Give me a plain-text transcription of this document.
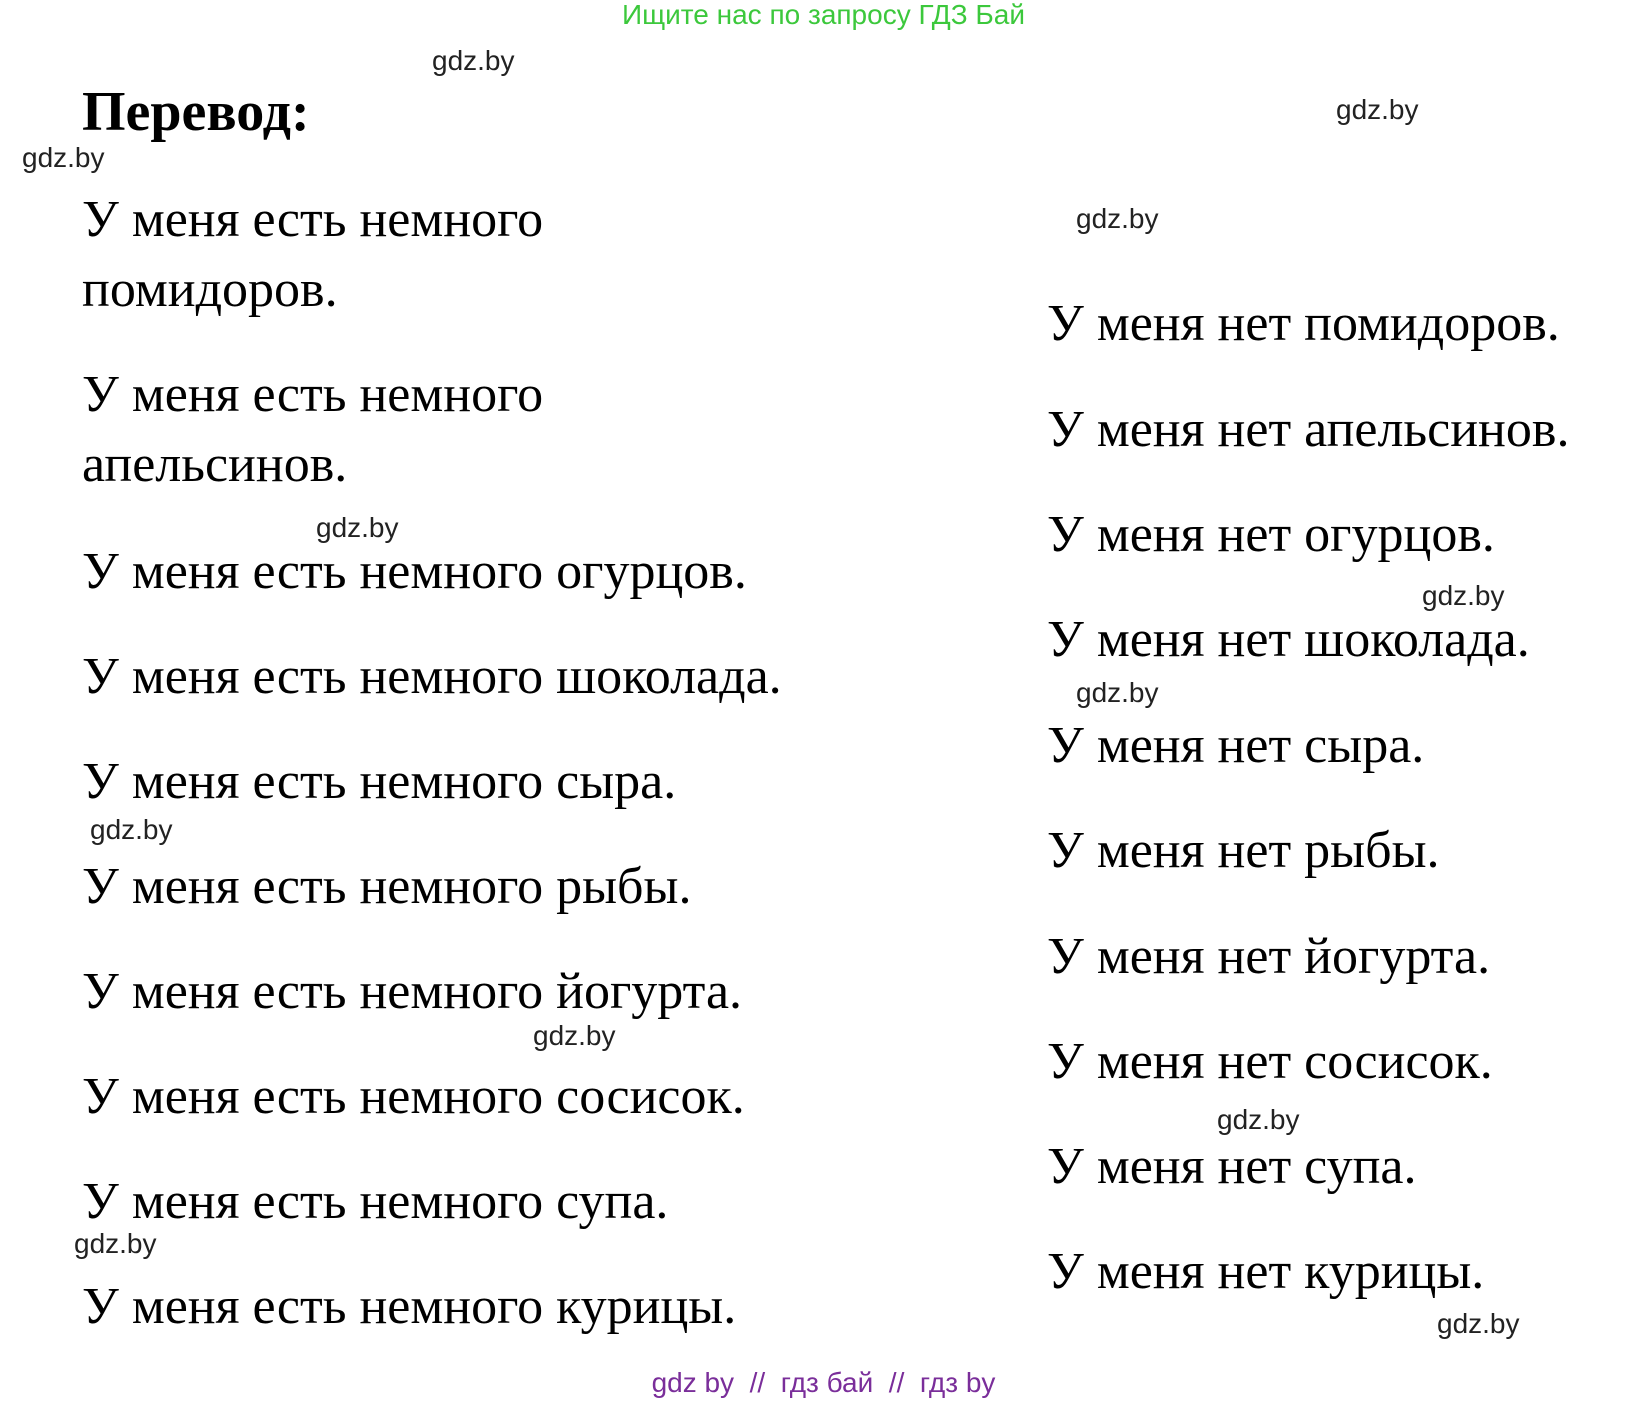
Ищите нас по запросу ГДЗ Бай
gdz.by
gdz.by
gdz.by
gdz.by
gdz.by
gdz.by
gdz.by
gdz.by
gdz.by
gdz.by
gdz.by
gdz.by
Перевод:

У меня есть немного помидоров.

У меня есть немного апельсинов.

У меня есть немного огурцов.

У меня есть немного шоколада.

У меня есть немного сыра.

У меня есть немного рыбы.

У меня есть немного йогурта.

У меня есть немного сосисок.

У меня есть немного супа.

У меня есть немного курицы.

У меня нет помидоров.

У меня нет апельсинов.

У меня нет огурцов.

У меня нет шоколада.

У меня нет сыра.

У меня нет рыбы.

У меня нет йогурта.

У меня нет сосисок.

У меня нет супа.

У меня нет курицы.

gdz by  //  гдз бай  //  гдз by
